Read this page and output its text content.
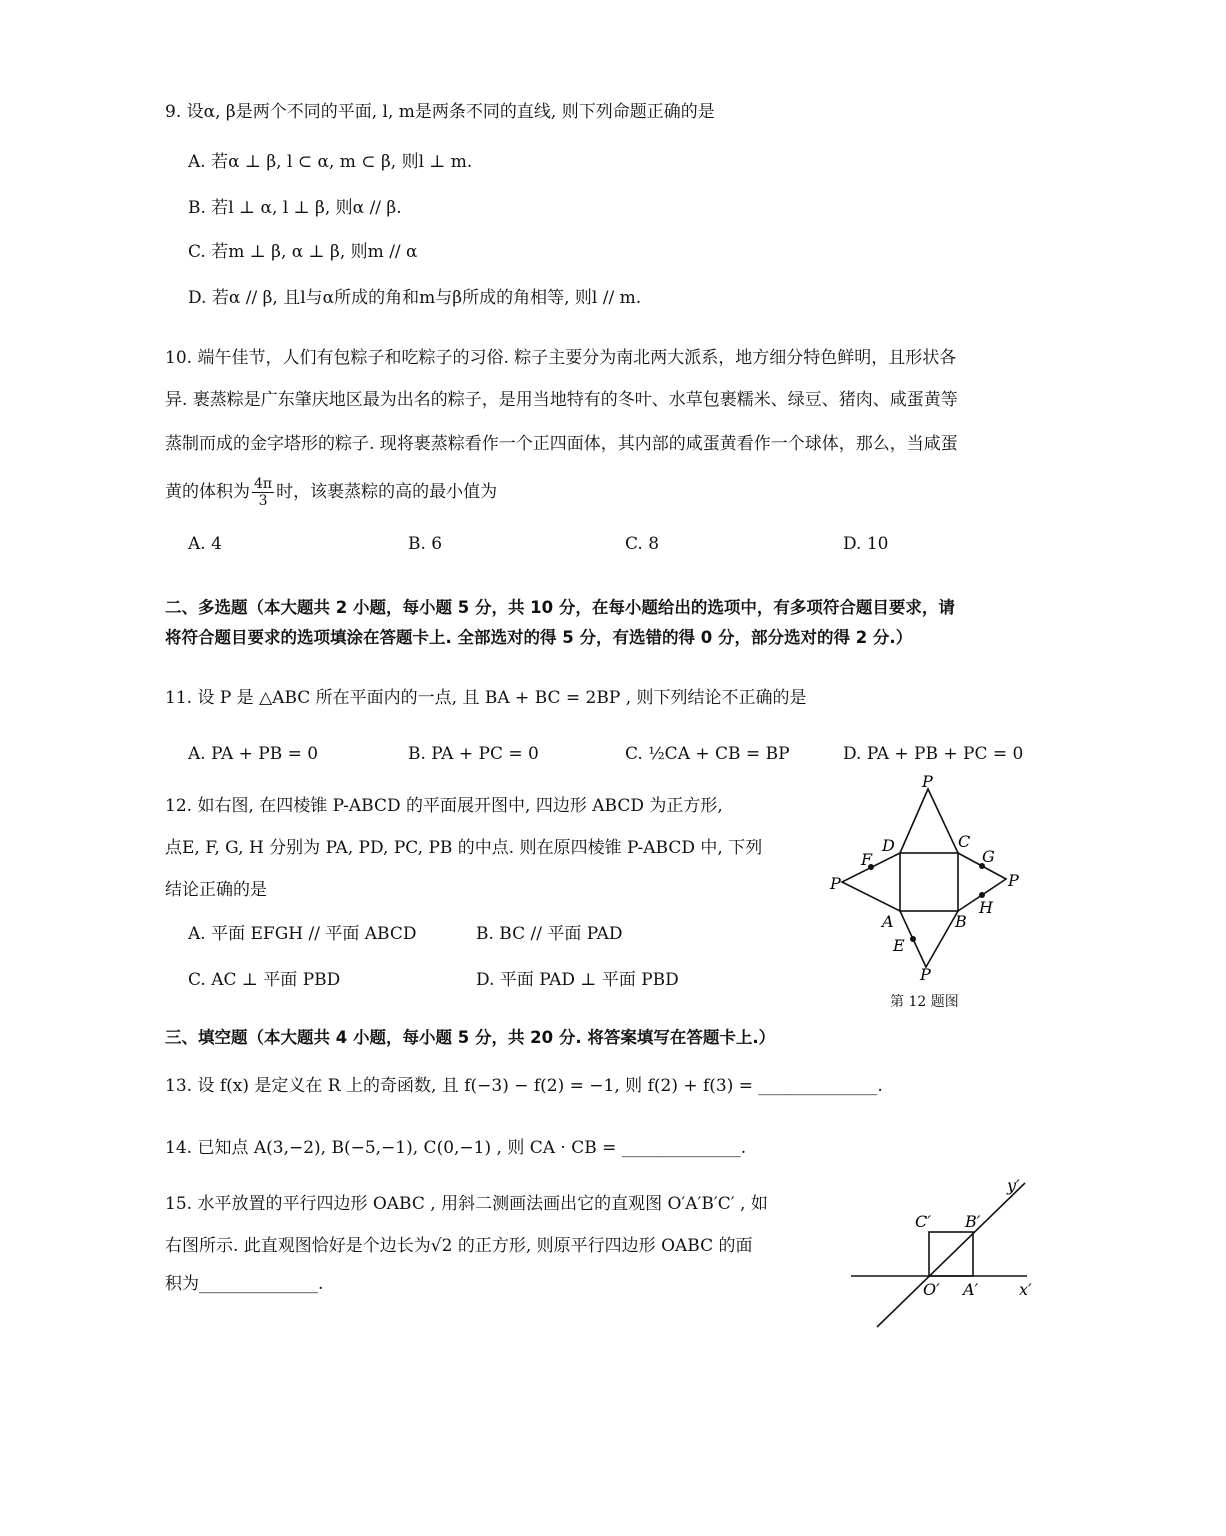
9. 设α, β是两个不同的平面, l, m是两条不同的直线, 则下列命题正确的是
A. 若α ⊥ β, l ⊂ α, m ⊂ β, 则l ⊥ m.
B. 若l ⊥ α, l ⊥ β, 则α // β.
C. 若m ⊥ β, α ⊥ β, 则m // α
D. 若α // β, 且l与α所成的角和m与β所成的角相等, 则l // m.
10. 端午佳节，人们有包粽子和吃粽子的习俗. 粽子主要分为南北两大派系，地方细分特色鲜明，且形状各
异. 裹蒸粽是广东肇庆地区最为出名的粽子，是用当地特有的冬叶、水草包裹糯米、绿豆、猪肉、咸蛋黄等
蒸制而成的金字塔形的粽子. 现将裹蒸粽看作一个正四面体，其内部的咸蛋黄看作一个球体，那么，当咸蛋
黄的体积为 $\frac{4\pi}{3}$ 时，该裹蒸粽的高的最小值为
A. 4	B. 6	C. 8	D. 10
二、多选题（本大题共 2 小题，每小题 5 分，共 10 分，在每小题给出的选项中，有多项符合题目要求，请
将符合题目要求的选项填涂在答题卡上. 全部选对的得 5 分，有选错的得 0 分，部分选对的得 2 分.）
11. 设 P 是 △ABC 所在平面内的一点, 且 BA + BC = 2BP , 则下列结论不正确的是
A. PA + PB = 0	B. PA + PC = 0	C. ½CA + CB = BP	D. PA + PB + PC = 0
12. 如右图, 在四棱锥 P-ABCD 的平面展开图中, 四边形 ABCD 为正方形,
点E, F, G, H 分别为 PA, PD, PC, PB 的中点. 则在原四棱锥 P-ABCD 中, 下列
结论正确的是
A. 平面 EFGH // 平面 ABCD	B. BC // 平面 PAD
C. AC ⊥ 平面 PBD	D. 平面 PAD ⊥ 平面 PBD
P
P	P
P
D	C
A	B
F	G
H
E
第 12 题图
三、填空题（本大题共 4 小题，每小题 5 分，共 20 分. 将答案填写在答题卡上.）
13. 设 f(x) 是定义在 R 上的奇函数, 且 f(−3) − f(2) = −1, 则 f(2) + f(3) = ______________.
14. 已知点 A(3,−2), B(−5,−1), C(0,−1) , 则 CA · CB = ______________.
15. 水平放置的平行四边形 OABC , 用斜二测画法画出它的直观图 O′A′B′C′ , 如
右图所示. 此直观图恰好是个边长为√2 的正方形, 则原平行四边形 OABC 的面
积为______________.
y′
x′
O′ A′
B′
C′
